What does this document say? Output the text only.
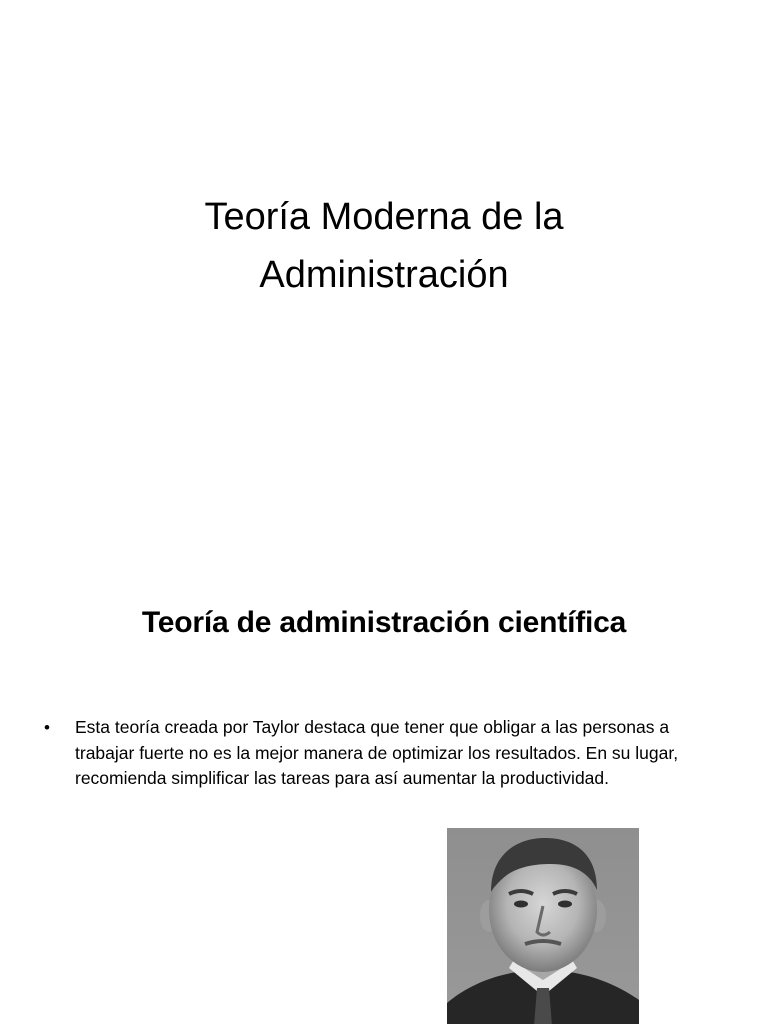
Teoría Moderna de la
Administración
Teoría de administración científica
• Esta teoría creada por Taylor destaca que tener que obligar a las personas a trabajar fuerte no es la mejor manera de optimizar los resultados. En su lugar, recomienda simplificar las tareas para así aumentar la productividad.
